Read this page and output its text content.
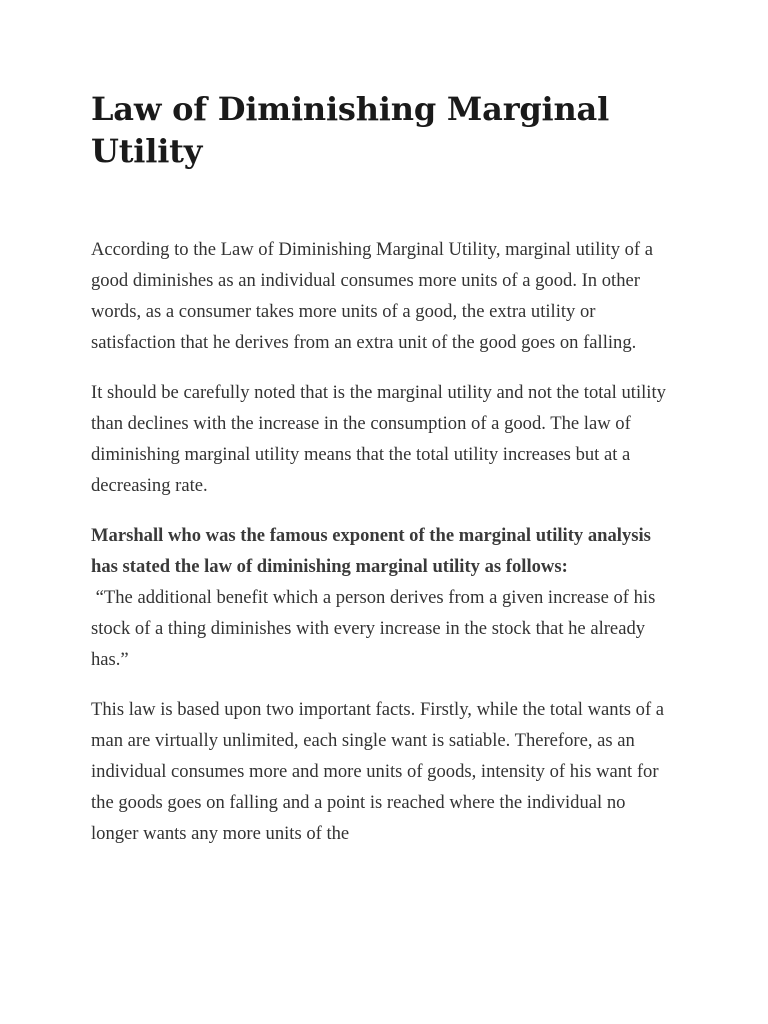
Law of Diminishing Marginal
Utility

According to the Law of Diminishing Marginal Utility, marginal utility of a good diminishes as an individual consumes more units of a good. In other words, as a consumer takes more units of a good, the extra utility or satisfaction that he derives from an extra unit of the good goes on falling.

It should be carefully noted that is the marginal utility and not the total utility than declines with the increase in the consumption of a good. The law of diminishing marginal utility means that the total utility increases but at a decreasing rate.

Marshall who was the famous exponent of the marginal utility analysis has stated the law of diminishing marginal utility as follows:

“The additional benefit which a person derives from a given increase of his stock of a thing diminishes with every increase in the stock that he already has.”

This law is based upon two important facts. Firstly, while the total wants of a man are virtually unlimited, each single want is satiable. Therefore, as an individual consumes more and more units of goods, intensity of his want for the goods goes on falling and a point is reached where the individual no longer wants any more units of the
